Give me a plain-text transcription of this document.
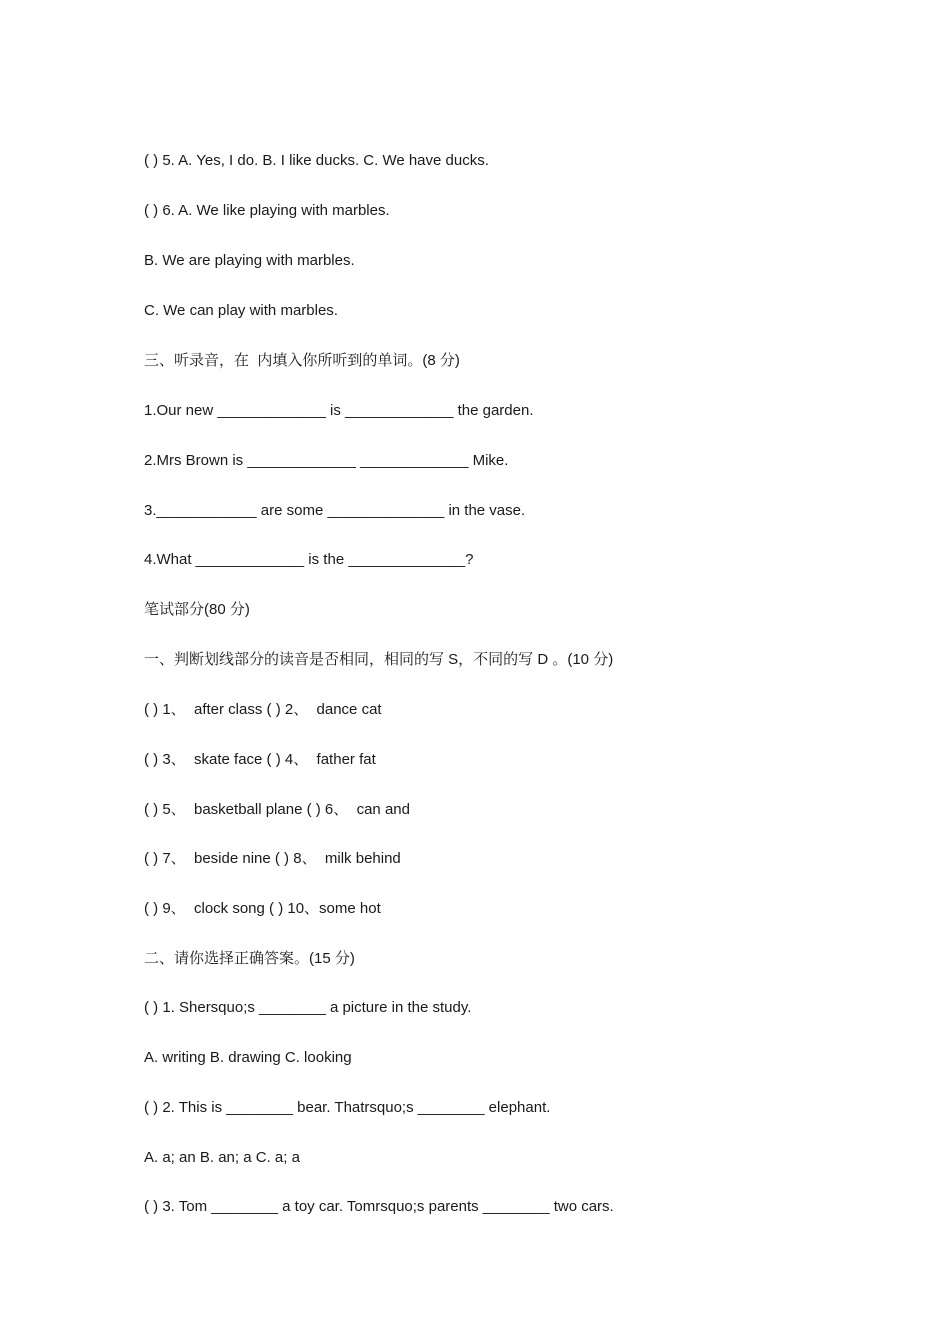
( ) 5. A. Yes, I do. B. I like ducks. C. We have ducks.
( ) 6. A. We like playing with marbles.
B. We are playing with marbles.
C. We can play with marbles.
三、听录音，在  内填入你所听到的单词。(8 分)
1.Our new _____________ is _____________ the garden.
2.Mrs Brown is _____________ _____________ Mike.
3.____________ are some ______________ in the vase.
4.What _____________ is the ______________?
笔试部分(80 分)
一、判断划线部分的读音是否相同，相同的写 S，不同的写 D 。(10 分)
( ) 1、  after class ( ) 2、  dance cat
( ) 3、  skate face ( ) 4、  father fat
( ) 5、  basketball plane ( ) 6、  can and
( ) 7、  beside nine ( ) 8、  milk behind
( ) 9、  clock song ( ) 10、some hot
二、请你选择正确答案。(15 分)
( ) 1. Shersquo;s ________ a picture in the study.
A. writing B. drawing C. looking
( ) 2. This is ________ bear. Thatrsquo;s ________ elephant.
A. a; an B. an; a C. a; a
( ) 3. Tom ________ a toy car. Tomrsquo;s parents ________ two cars.
